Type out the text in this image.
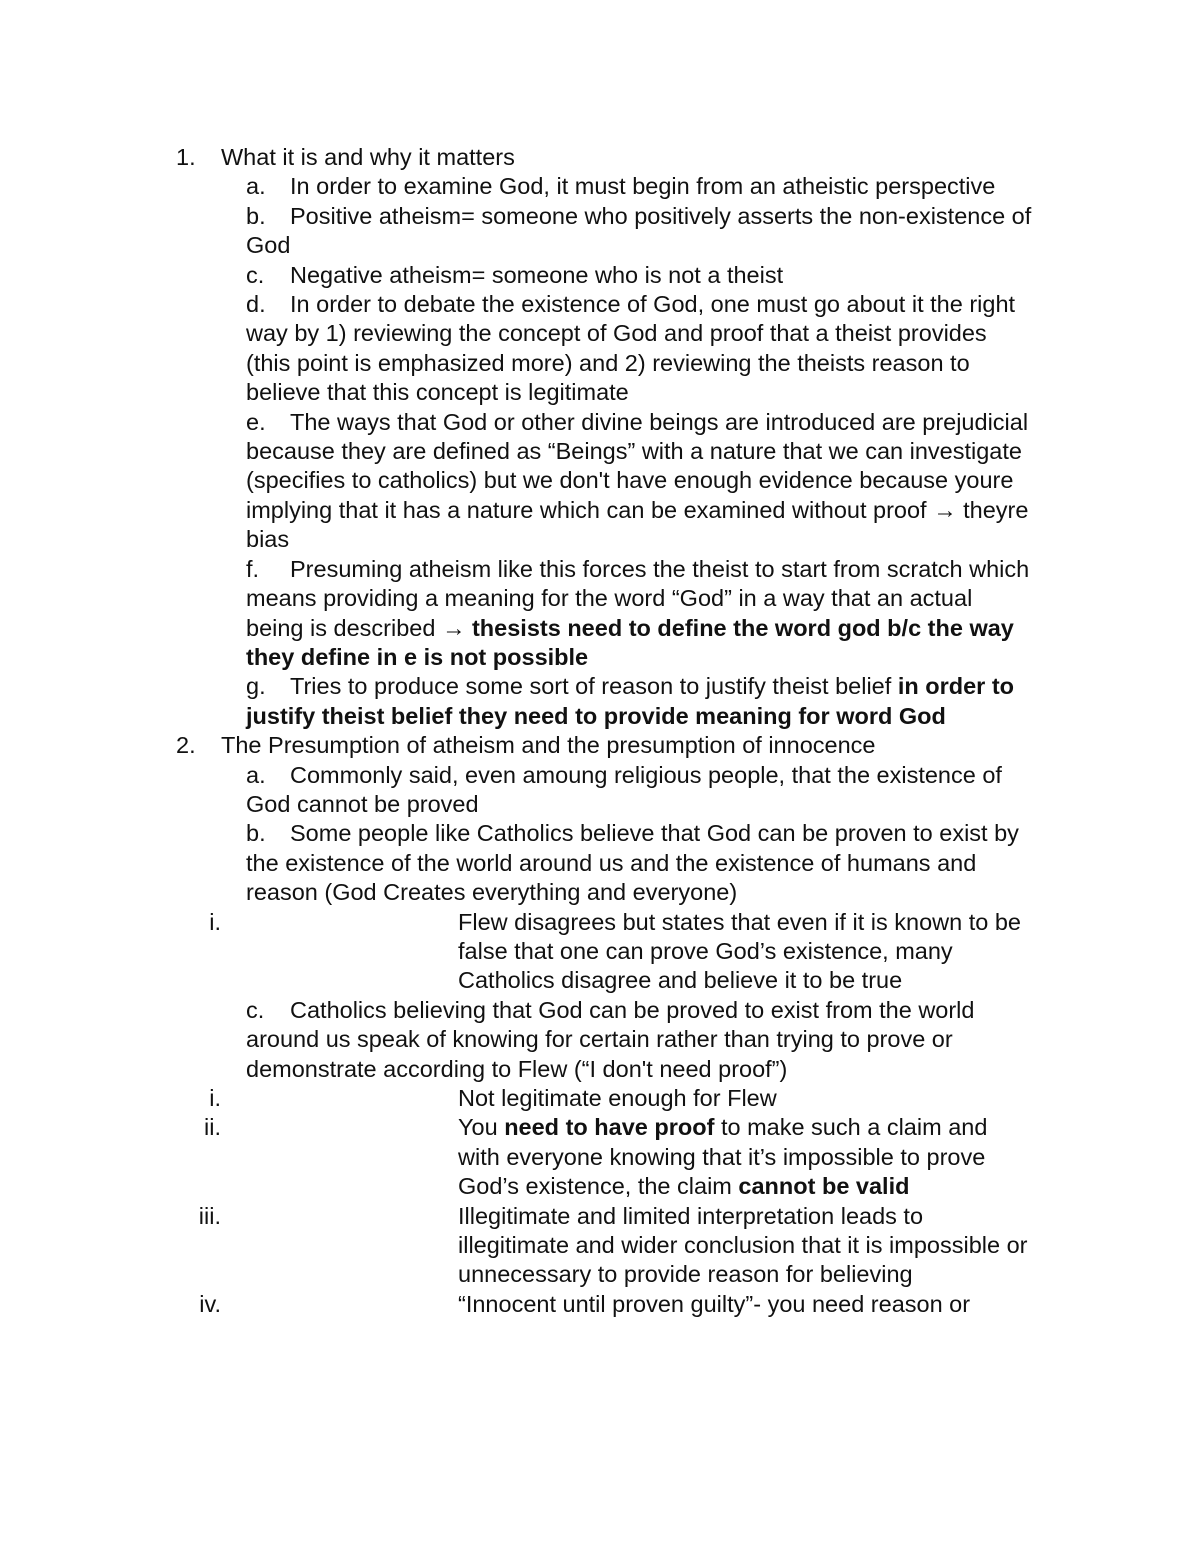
1. What it is and why it matters
a. In order to examine God, it must begin from an atheistic perspective
b. Positive atheism= someone who positively asserts the non-existence of God
c. Negative atheism= someone who is not a theist
d. In order to debate the existence of God, one must go about it the right way by 1) reviewing the concept of God and proof that a theist provides (this point is emphasized more) and 2) reviewing the theists reason to believe that this concept is legitimate
e. The ways that God or other divine beings are introduced are prejudicial because they are defined as “Beings” with a nature that we can investigate (specifies to catholics) but we don't have enough evidence because youre implying that it has a nature which can be examined without proof → theyre bias
f. Presuming atheism like this forces the theist to start from scratch which means providing a meaning for the word “God” in a way that an actual being is described → thesists need to define the word god b/c the way they define in e is not possible
g. Tries to produce some sort of reason to justify theist belief in order to justify theist belief they need to provide meaning for word God
2. The Presumption of atheism and the presumption of innocence
a. Commonly said, even amoung religious people, that the existence of God cannot be proved
b. Some people like Catholics believe that God can be proven to exist by the existence of the world around us and the existence of humans and reason (God Creates everything and everyone)
i.	Flew disagrees but states that even if it is known to be false that one can prove God’s existence, many Catholics disagree and believe it to be true
c. Catholics believing that God can be proved to exist from the world around us speak of knowing for certain rather than trying to prove or demonstrate according to Flew (“I don't need proof”)
i.	Not legitimate enough for Flew
ii.	You need to have proof to make such a claim and with everyone knowing that it’s impossible to prove God’s existence, the claim cannot be valid
iii.	Illegitimate and limited interpretation leads to illegitimate and wider conclusion that it is impossible or unnecessary to provide reason for believing
iv.	“Innocent until proven guilty”- you need reason or
